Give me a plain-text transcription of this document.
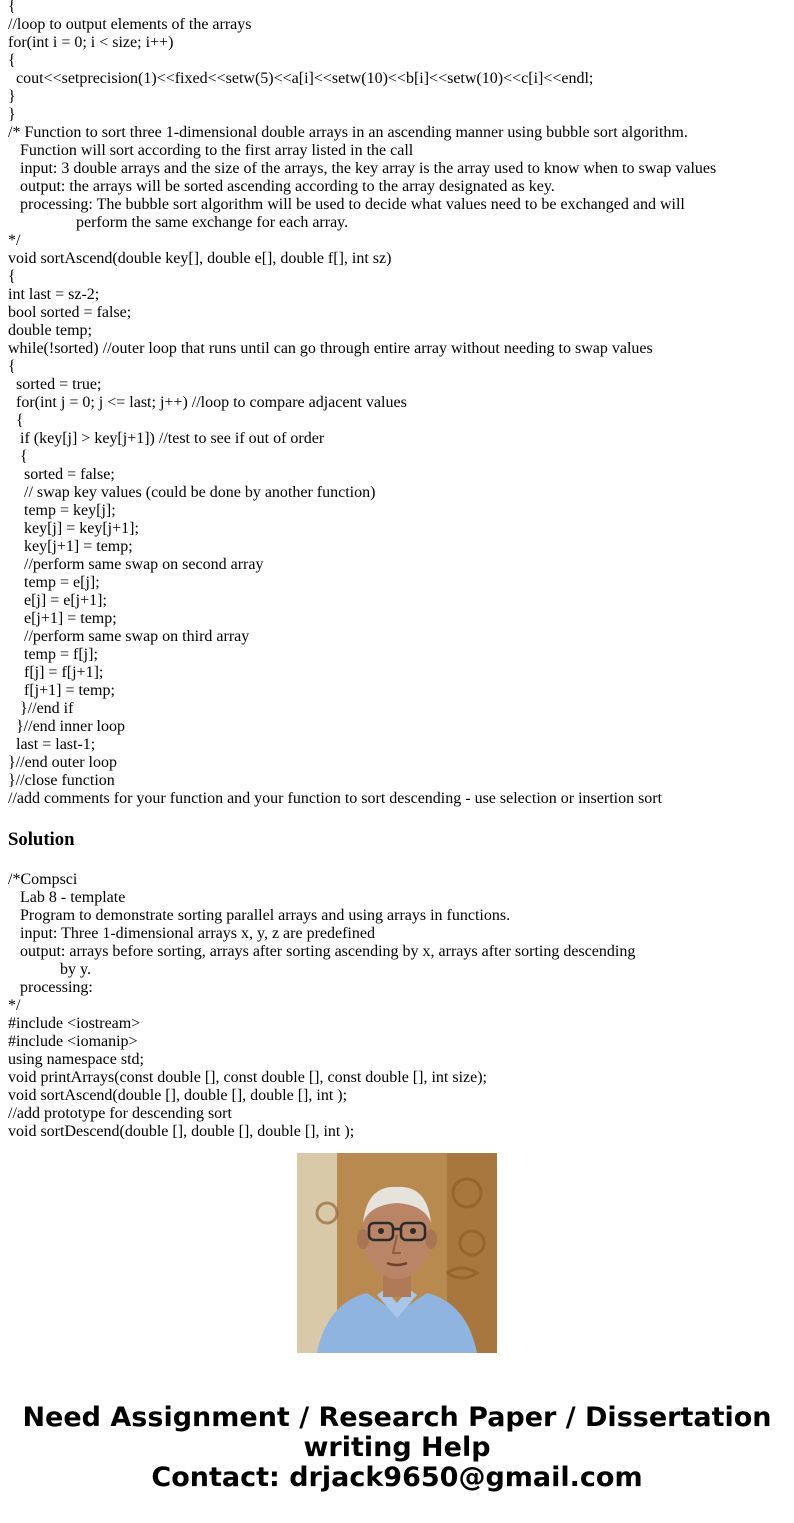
{
//loop to output elements of the arrays
for(int i = 0; i < size; i++)
{
cout<<setprecision(1)<<fixed<<setw(5)<<a[i]<<setw(10)<<b[i]<<setw(10)<<c[i]<<endl;
}
}
/* Function to sort three 1-dimensional double arrays in an ascending manner using bubble sort algorithm.
Function will sort according to the first array listed in the call
input: 3 double arrays and the size of the arrays, the key array is the array used to know when to swap values
output: the arrays will be sorted ascending according to the array designated as key.
processing: The bubble sort algorithm will be used to decide what values need to be exchanged and will
perform the same exchange for each array.
*/
void sortAscend(double key[], double e[], double f[], int sz)
{
int last = sz-2;
bool sorted = false;
double temp;
while(!sorted) //outer loop that runs until can go through entire array without needing to swap values
{
sorted = true;
for(int j = 0; j <= last; j++) //loop to compare adjacent values
{
if (key[j] > key[j+1]) //test to see if out of order
{
sorted = false;
// swap key values (could be done by another function)
temp = key[j];
key[j] = key[j+1];
key[j+1] = temp;
//perform same swap on second array
temp = e[j];
e[j] = e[j+1];
e[j+1] = temp;
//perform same swap on third array
temp = f[j];
f[j] = f[j+1];
f[j+1] = temp;
}//end if
}//end inner loop
last = last-1;
}//end outer loop
}//close function
//add comments for your function and your function to sort descending - use selection or insertion sort
Solution
/*Compsci
Lab 8 - template
Program to demonstrate sorting parallel arrays and using arrays in functions.
input: Three 1-dimensional arrays x, y, z are predefined
output: arrays before sorting, arrays after sorting ascending by x, arrays after sorting descending
by y.
processing:
*/
#include <iostream>
#include <iomanip>
using namespace std;
void printArrays(const double [], const double [], const double [], int size);
void sortAscend(double [], double [], double [], int );
//add prototype for descending sort
void sortDescend(double [], double [], double [], int );
Need Assignment / Research Paper / Dissertation
writing Help
Contact: drjack9650@gmail.com
